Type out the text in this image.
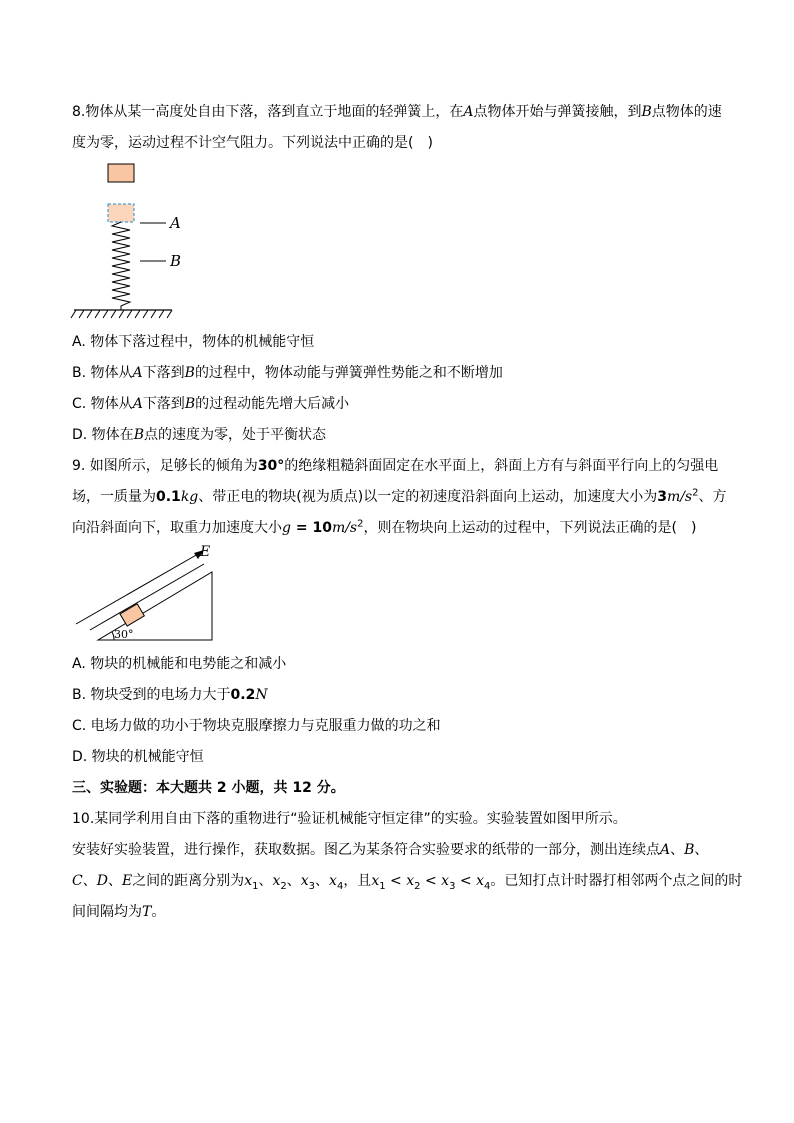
8.物体从某一高度处自由下落，落到直立于地面的轻弹簧上，在A点物体开始与弹簧接触，到B点物体的速
度为零，运动过程不计空气阻力。下列说法中正确的是(　)
A
B
A. 物体下落过程中，物体的机械能守恒
B. 物体从A下落到B的过程中，物体动能与弹簧弹性势能之和不断增加
C. 物体从A下落到B的过程动能先增大后减小
D. 物体在B点的速度为零，处于平衡状态
9. 如图所示，足够长的倾角为30°的绝缘粗糙斜面固定在水平面上，斜面上方有与斜面平行向上的匀强电
场，一质量为0.1kg、带正电的物块(视为质点)以一定的初速度沿斜面向上运动，加速度大小为$3m/s^2$、方
向沿斜面向下，取重力加速度大小$g = 10m/s^2$，则在物块向上运动的过程中，下列说法正确的是(　)
E
30°
A. 物块的机械能和电势能之和减小
B. 物块受到的电场力大于0.2N
C. 电场力做的功小于物块克服摩擦力与克服重力做的功之和
D. 物块的机械能守恒
三、实验题：本大题共 2 小题，共 12 分。
10.某同学利用自由下落的重物进行“验证机械能守恒定律”的实验。实验装置如图甲所示。
安装好实验装置，进行操作，获取数据。图乙为某条符合实验要求的纸带的一部分，测出连续点A、B、
C、D、E之间的距离分别为$x_1$、$x_2$、$x_3$、$x_4$，且$x_1 < x_2 < x_3 < x_4$。已知打点计时器打相邻两个点之间的时
间间隔均为T。
